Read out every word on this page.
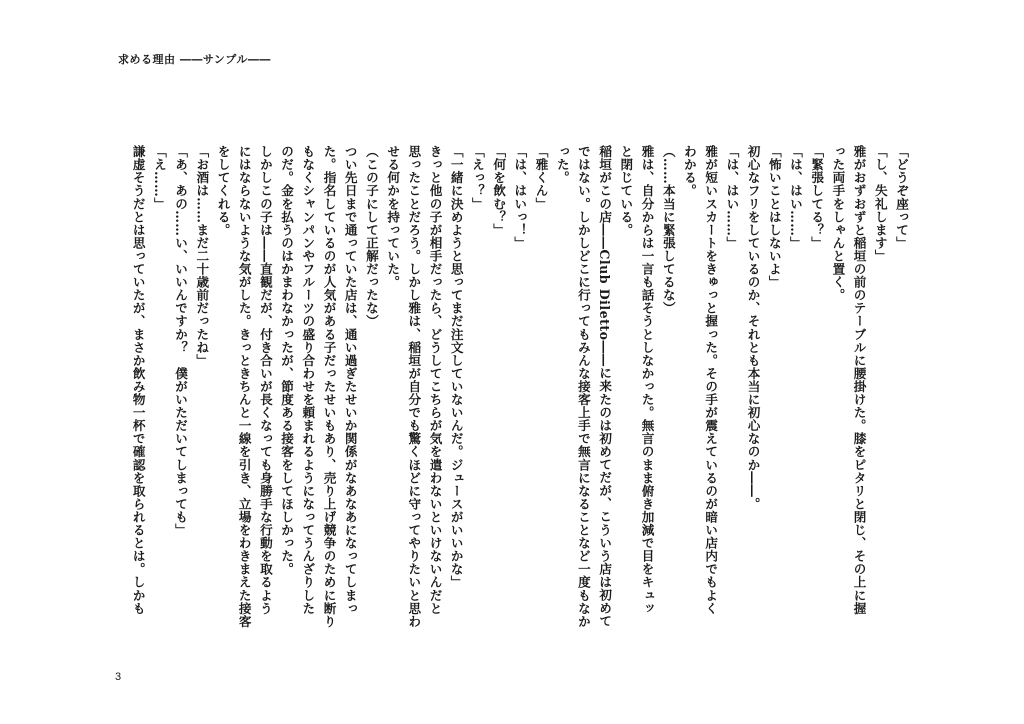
求める理由 ――サンプル――

「どうぞ座って」

「し、失礼します」

雅がおずおずと稲垣の前のテーブルに腰掛けた。膝をピタリと閉じ、その上に握

った両手をしゃんと置く。

「緊張してる？」

「は、はい……」

「怖いことはしないよ」

初心なフリをしているのか、それとも本当に初心なのか――。

「は、はい……」

雅が短いスカートをきゅっと握った。その手が震えているのが暗い店内でもよく

わかる。

（……本当に緊張してるな）

雅は、自分からは一言も話そうとしなかった。無言のまま俯き加減で目をキュッ

と閉じている。

稲垣がこの店――Club Diletto――に来たのは初めてだが、こういう店は初めて

ではない。しかしどこに行ってもみんな接客上手で無言になることなど一度もなか

った。

「雅くん」

「は、はいっ！」

「何を飲む？」

「えっ？」

「一緒に決めようと思ってまだ注文していないんだ。ジュースがいいかな」

きっと他の子が相手だったら、どうしてこちらが気を遣わないといけないんだと

思ったことだろう。しかし雅は、稲垣が自分でも驚くほどに守ってやりたいと思わ

せる何かを持っていた。

（この子にして正解だったな）

つい先日まで通っていた店は、通い過ぎたせいか関係がなあなあになってしまっ

た。指名しているのが人気がある子だったせいもあり、売り上げ競争のために断り

もなくシャンパンやフルーツの盛り合わせを頼まれるようになってうんざりした

のだ。金を払うのはかまわなかったが、節度ある接客をしてほしかった。

しかしこの子は――直観だが、付き合いが長くなっても身勝手な行動を取るよう

にはならないような気がした。きっときちんと一線を引き、立場をわきまえた接客

をしてくれる。

「お酒は……まだ二十歳前だったね」

「あ、あの……い、いいんですか？　僕がいただいてしまっても」

「え……」

謙虚そうだとは思っていたが、まさか飲み物一杯で確認を取られるとは。しかも

3
